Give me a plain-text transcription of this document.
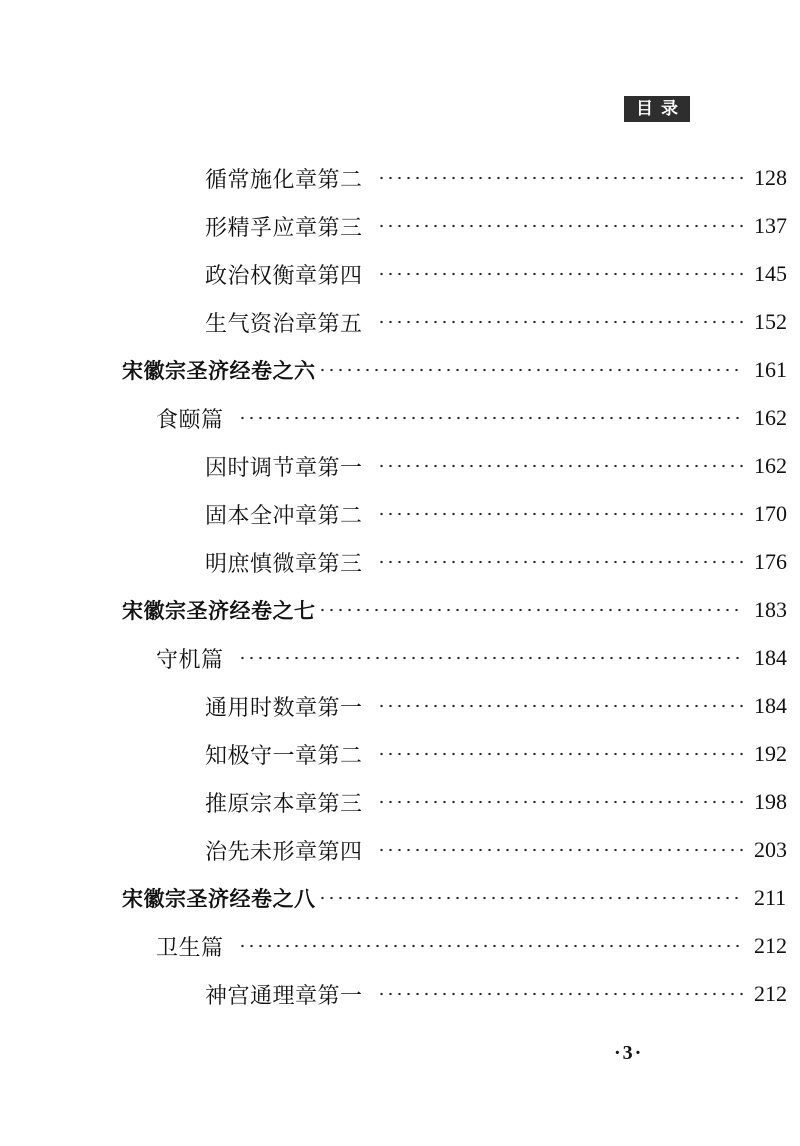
目录
循常施化章第二	128
形精孚应章第三	137
政治权衡章第四	145
生气资治章第五	152
宋徽宗圣济经卷之六	161
食颐篇	162
因时调节章第一	162
固本全冲章第二	170
明庶慎微章第三	176
宋徽宗圣济经卷之七	183
守机篇	184
通用时数章第一	184
知极守一章第二	192
推原宗本章第三	198
治先未形章第四	203
宋徽宗圣济经卷之八	211
卫生篇	212
神宫通理章第一	212
·3·
